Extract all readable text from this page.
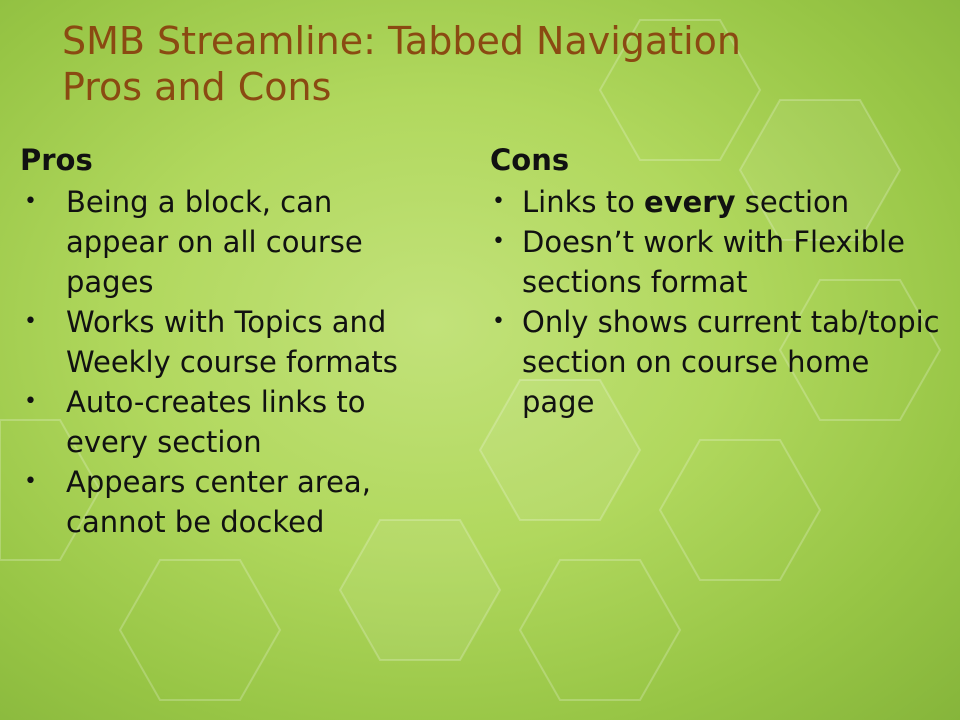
SMB Streamline: Tabbed Navigation
Pros and Cons
Pros
• Being a block, can appear on all course pages
• Works with Topics and Weekly course formats
• Auto-creates links to every section
• Appears center area, cannot be docked
Cons
• Links to every section
• Doesn’t work with Flexible sections format
• Only shows current tab/topic section on course home page
